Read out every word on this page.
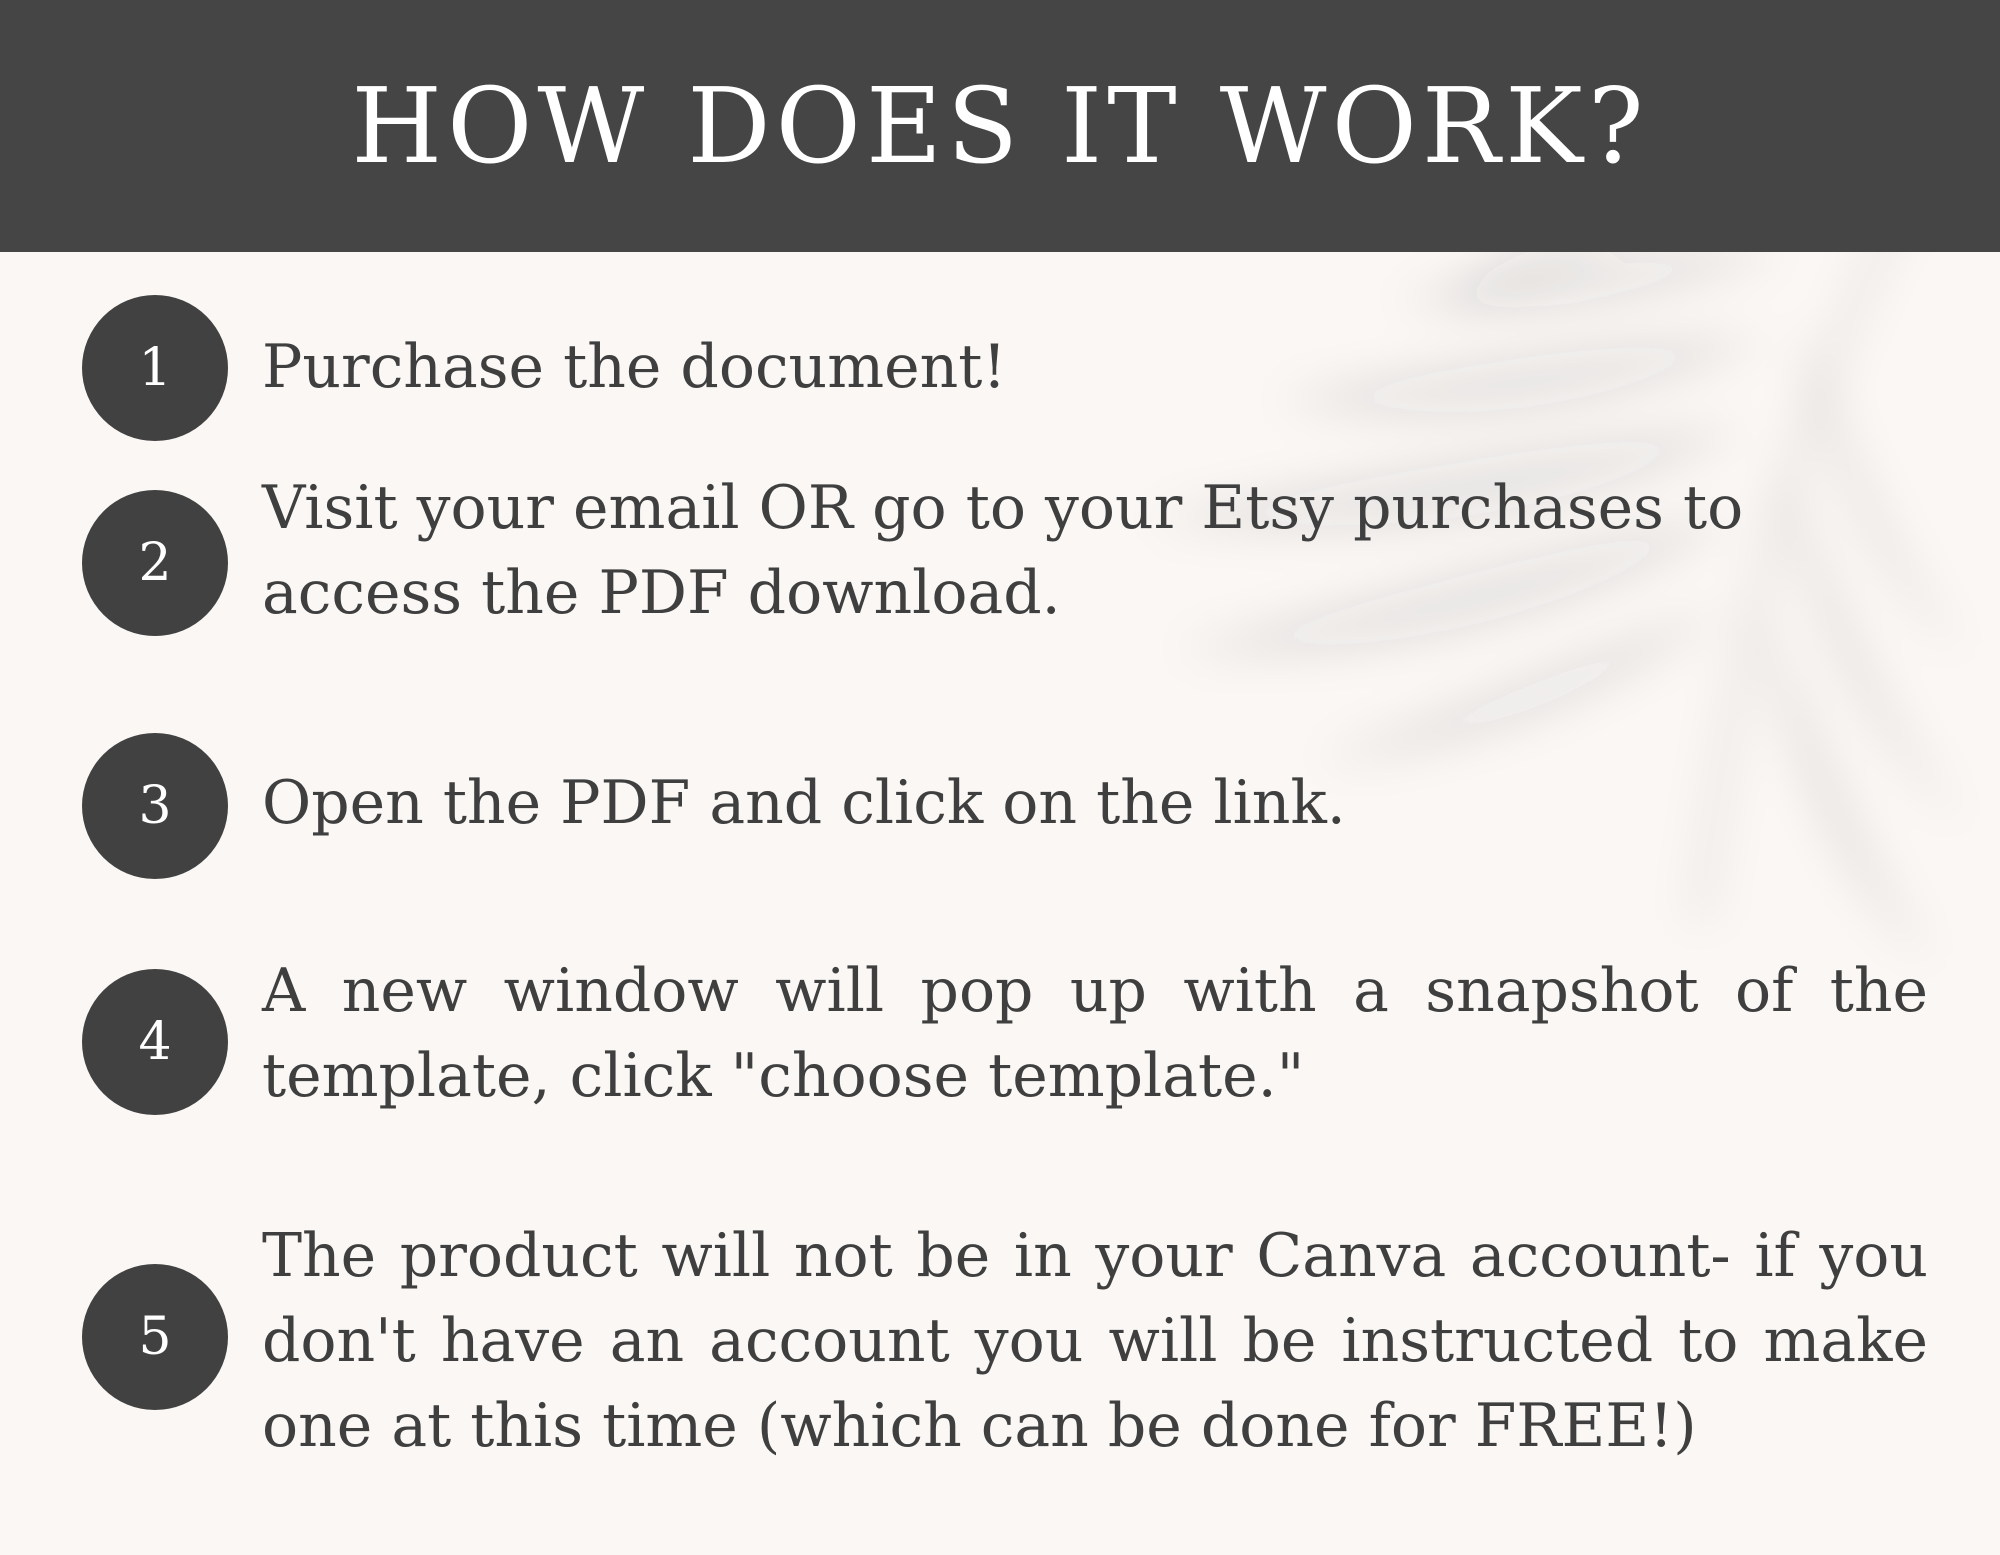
HOW DOES IT WORK?
1	Purchase the document!

2

Visit your email OR go to your Etsy purchases to access the PDF download.

3	Open the PDF and click on the link.

4

A new window will pop up with a snapshot of the template, click "choose template."

5

The product will not be in your Canva account- if you don't have an account you will be instructed to make one at this time (which can be done for FREE!)
